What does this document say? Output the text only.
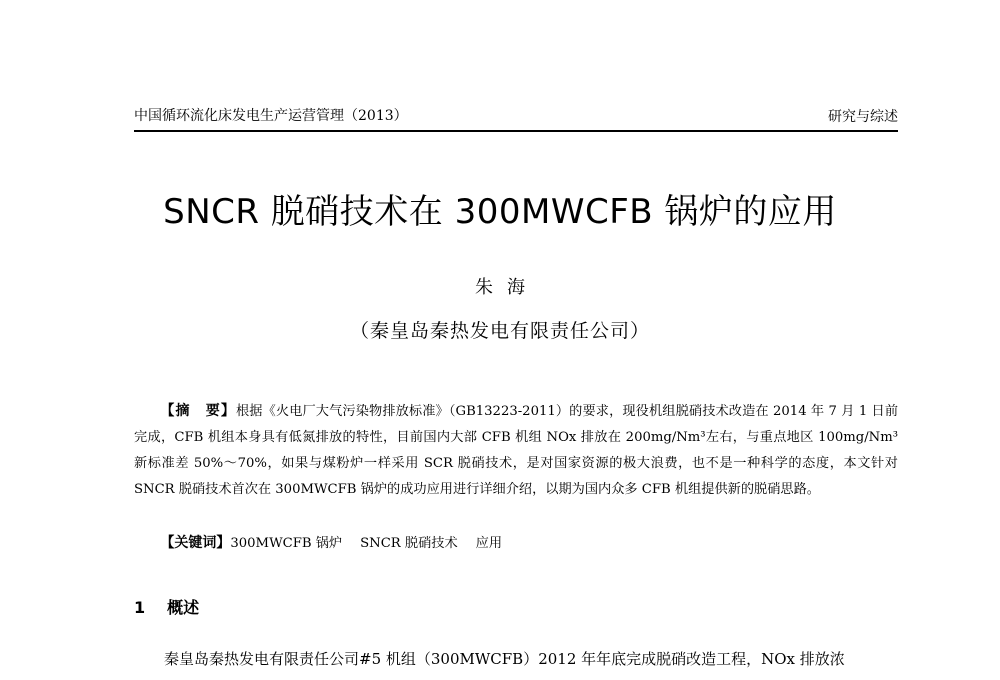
中国循环流化床发电生产运营管理（2013）	研究与综述
SNCR 脱硝技术在 300MWCFB 锅炉的应用
朱海
（秦皇岛秦热发电有限责任公司）
【摘　要】根据《火电厂大气污染物排放标准》（GB13223-2011）的要求，现役机组脱硝技术改造在 2014 年 7 月 1 日前完成，CFB 机组本身具有低氮排放的特性，目前国内大部 CFB 机组 NOx 排放在 200mg/Nm³左右，与重点地区 100mg/Nm³新标准差 50%～70%，如果与煤粉炉一样采用 SCR 脱硝技术，是对国家资源的极大浪费，也不是一种科学的态度，本文针对 SNCR 脱硝技术首次在 300MWCFB 锅炉的成功应用进行详细介绍，以期为国内众多 CFB 机组提供新的脱硝思路。
【关键词】300MWCFB 锅炉 SNCR 脱硝技术 应用
1 概述
秦皇岛秦热发电有限责任公司#5 机组（300MWCFB）2012 年年底完成脱硝改造工程，NOx 排放浓
